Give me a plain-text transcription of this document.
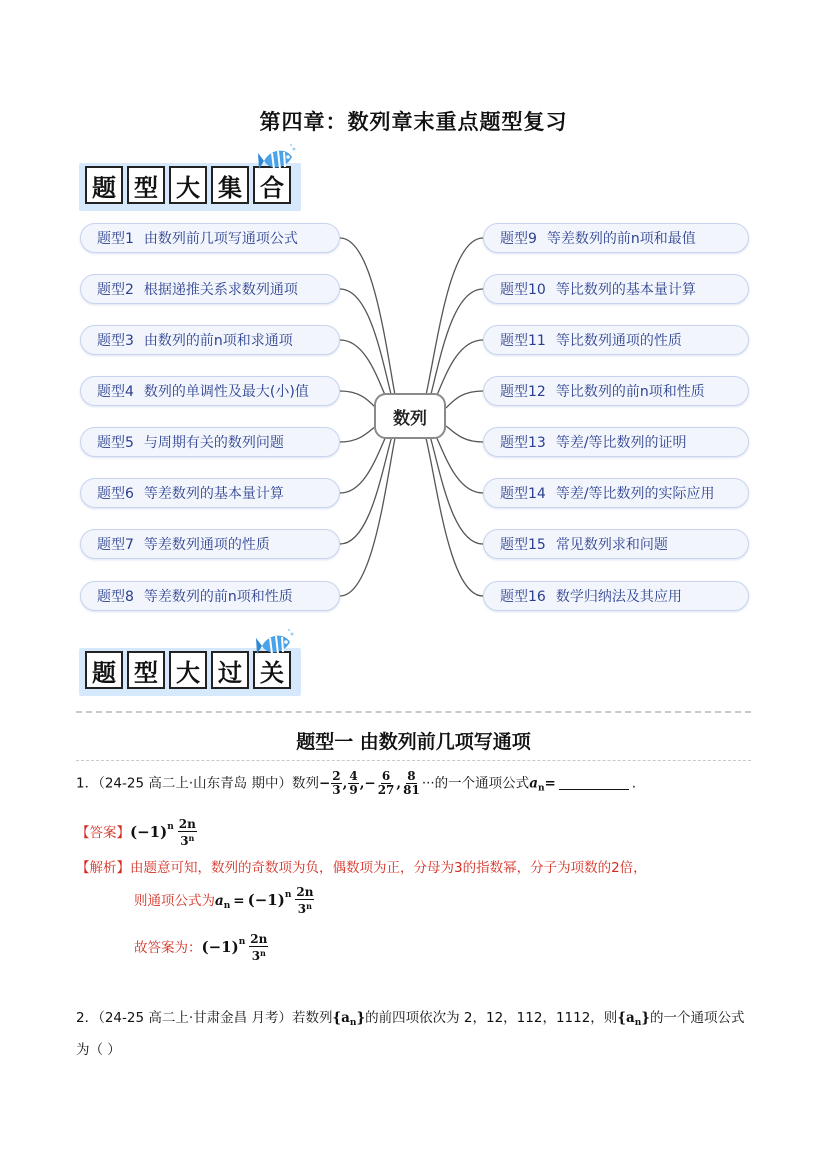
第四章：数列章末重点题型复习
题 型 大 集 合
题型1 由数列前几项写通项公式
题型2 根据递推关系求数列通项
题型3 由数列的前n项和求通项
题型4 数列的单调性及最大(小)值
题型5 与周期有关的数列问题
题型6 等差数列的基本量计算
题型7 等差数列通项的性质
题型8 等差数列的前n项和性质
题型9 等差数列的前n项和最值
题型10 等比数列的基本量计算
题型11 等比数列通项的性质
题型12 等比数列的前n项和性质
题型13 等差/等比数列的证明
题型14 等差/等比数列的实际应用
题型15 常见数列求和问题
题型16 数学归纳法及其应用
数列
题 型 大 过 关
题型一 由数列前几项写通项
1．（24-25 高二上·山东青岛 期中）数列− $\frac{2}{3}$ , $\frac{4}{9}$ ,− $\frac{6}{27}$ , $\frac{8}{81}$ ···的一个通项公式$a_n=$	.
【答案】$(-1)^n \frac{2n}{3^n}$
【解析】由题意可知，数列的奇数项为负，偶数项为正，分母为3的指数幂，分子为项数的2倍，
则通项公式为$a_n = (-1)^n \frac{2n}{3^n}$
故答案为：$(-1)^n \frac{2n}{3^n}$
2．（24-25 高二上·甘肃金昌 月考）若数列$\{a_n\}$的前四项依次为 2，12，112，1112，则$\{a_n\}$的一个通项公式
为（ ）
